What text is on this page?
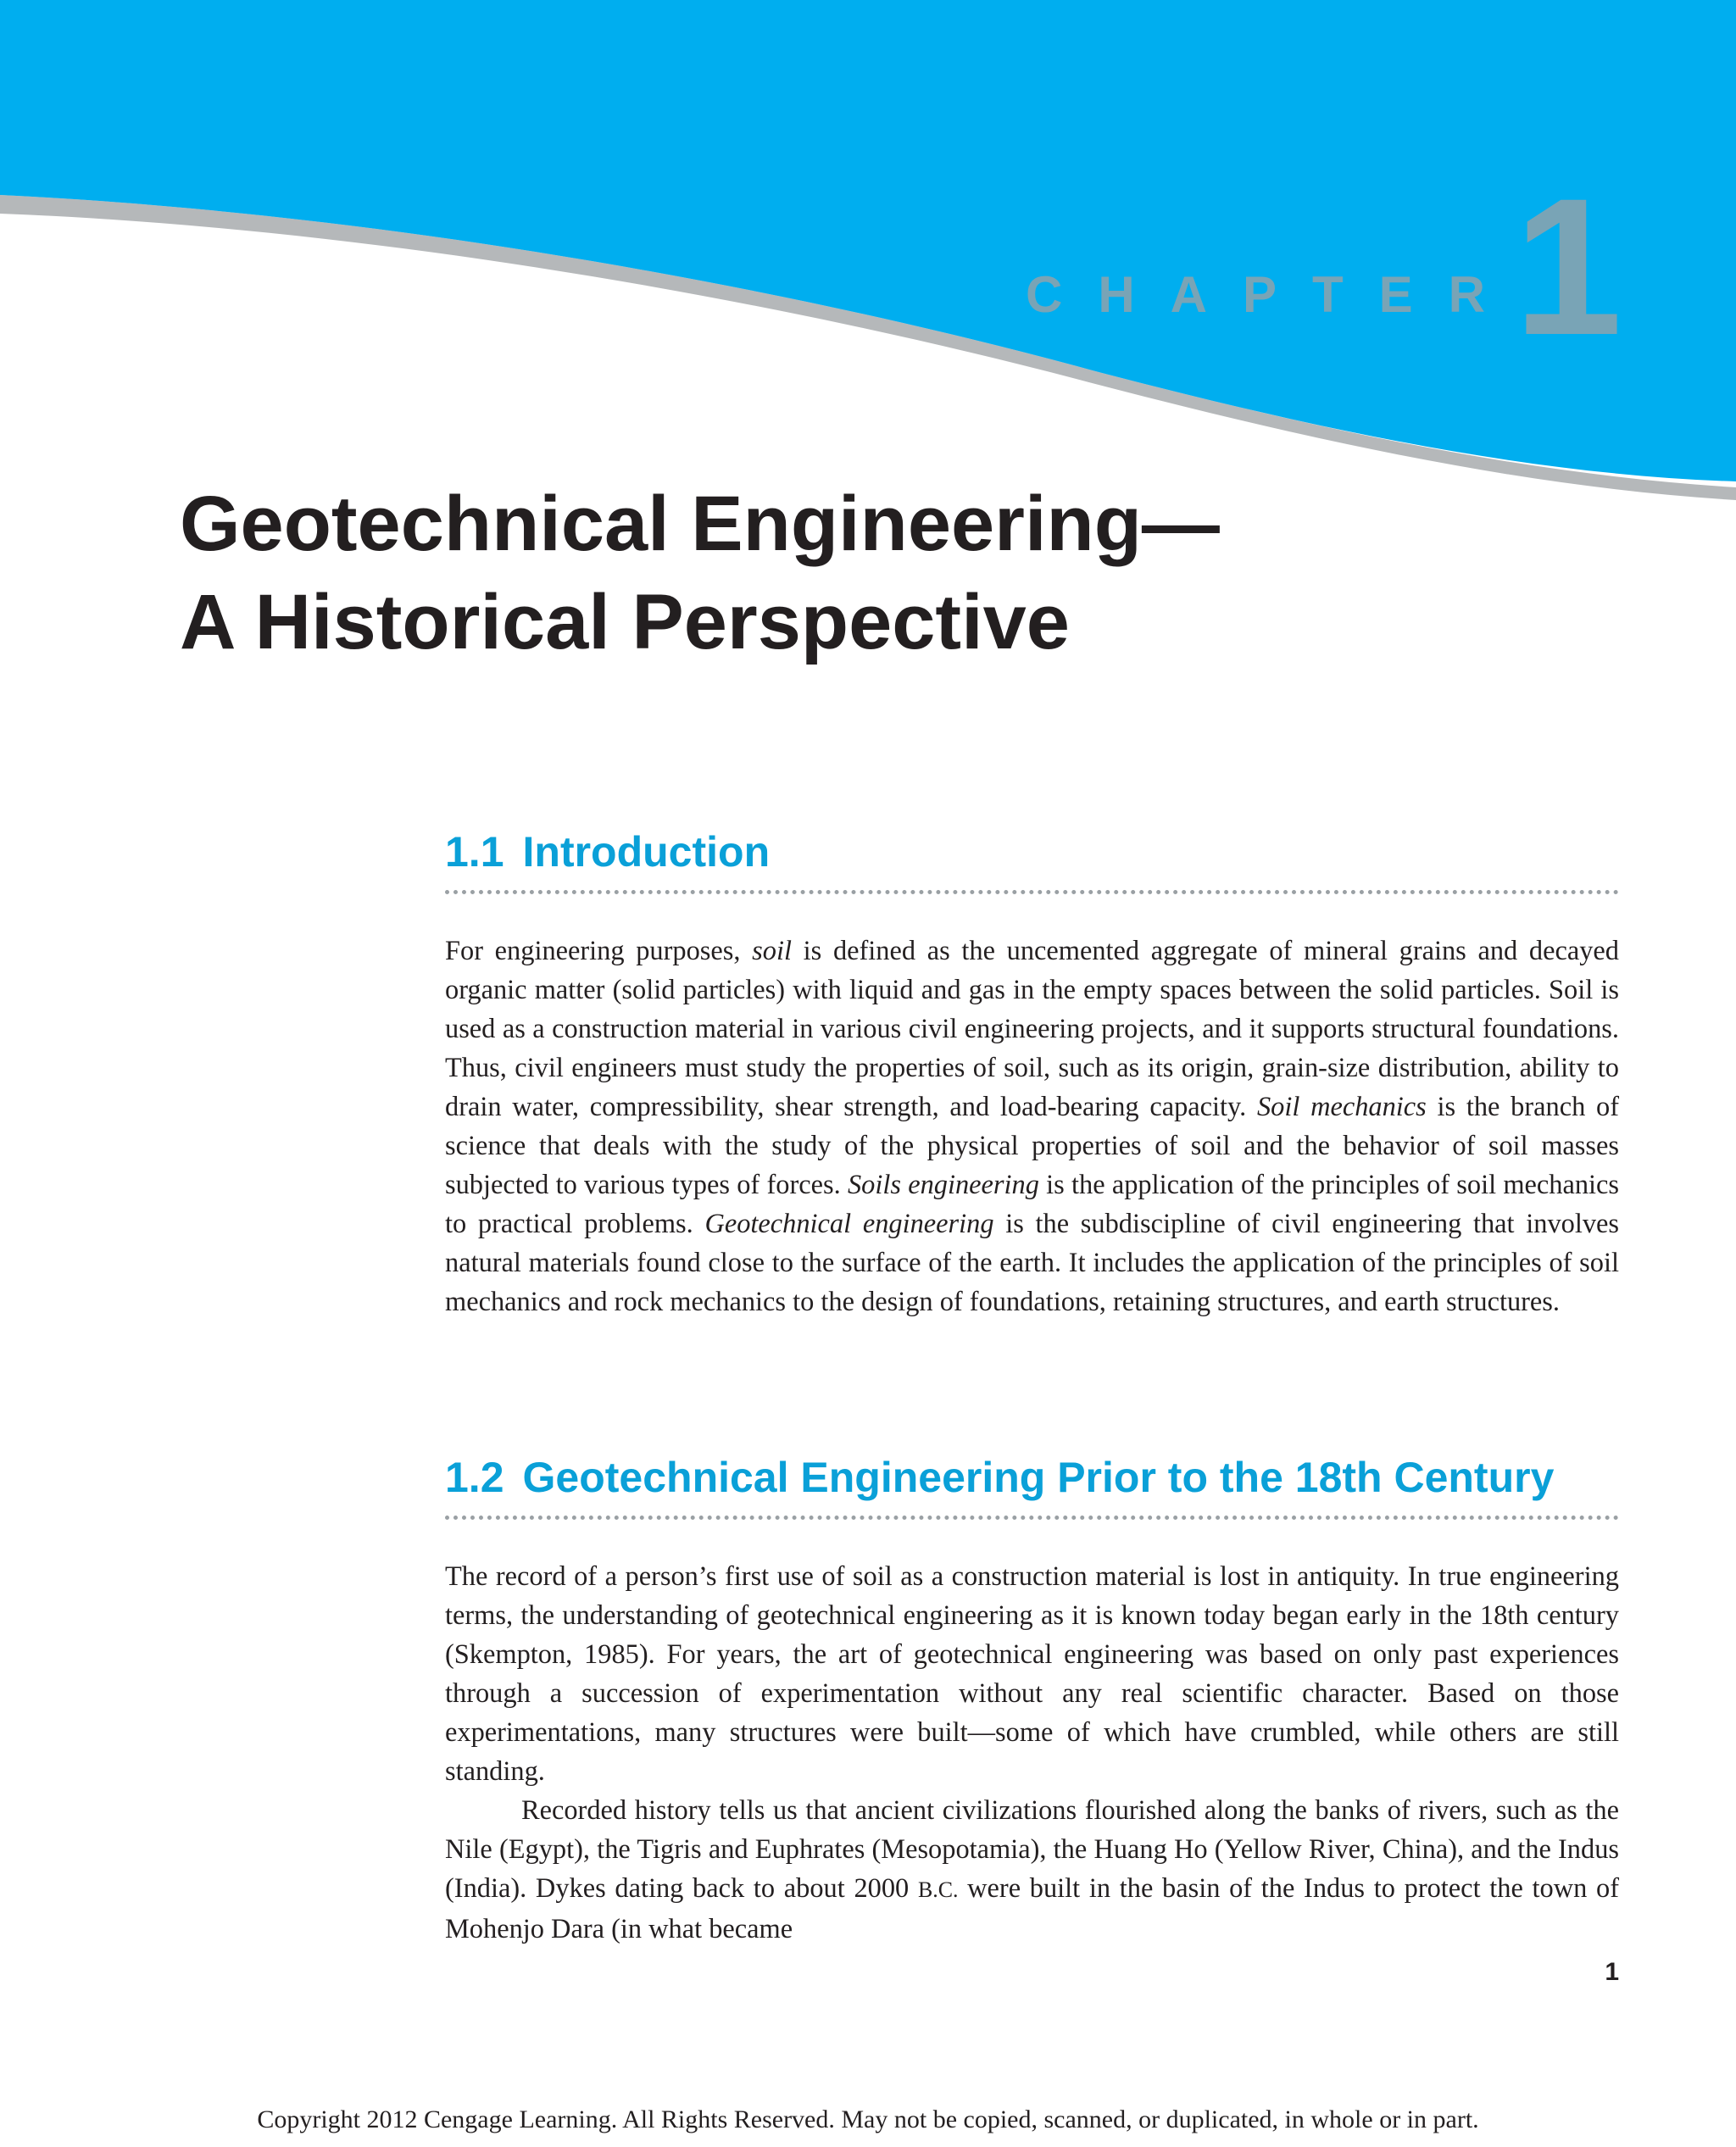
CHAPTER
1
Geotechnical Engineering—
A Historical Perspective
1.1 Introduction

For engineering purposes, soil is defined as the uncemented aggregate of mineral grains and decayed organic matter (solid particles) with liquid and gas in the empty spaces between the solid particles. Soil is used as a construction material in various civil engineering projects, and it supports structural foundations. Thus, civil engineers must study the properties of soil, such as its origin, grain-size distribution, ability to drain water, compressibility, shear strength, and load-bearing capacity. Soil mechanics is the branch of science that deals with the study of the physical properties of soil and the behavior of soil masses subjected to various types of forces. Soils engineering is the application of the principles of soil mechanics to practical problems. Geotechnical engineering is the subdiscipline of civil engineering that involves natural materials found close to the surface of the earth. It includes the application of the principles of soil mechanics and rock mechanics to the design of foundations, retaining structures, and earth structures.

1.2 Geotechnical Engineering Prior to the 18th Century

The record of a person’s first use of soil as a construction material is lost in antiquity. In true engineering terms, the understanding of geotechnical engineering as it is known today began early in the 18th century (Skempton, 1985). For years, the art of geotechnical engineering was based on only past experiences through a succession of experimentation without any real scientific character. Based on those experimentations, many structures were built—some of which have crumbled, while others are still standing.

Recorded history tells us that ancient civilizations flourished along the banks of rivers, such as the Nile (Egypt), the Tigris and Euphrates (Mesopotamia), the Huang Ho (Yellow River, China), and the Indus (India). Dykes dating back to about 2000 B.C. were built in the basin of the Indus to protect the town of Mohenjo Dara (in what became

1
Copyright 2012 Cengage Learning. All Rights Reserved. May not be copied, scanned, or duplicated, in whole or in part.
